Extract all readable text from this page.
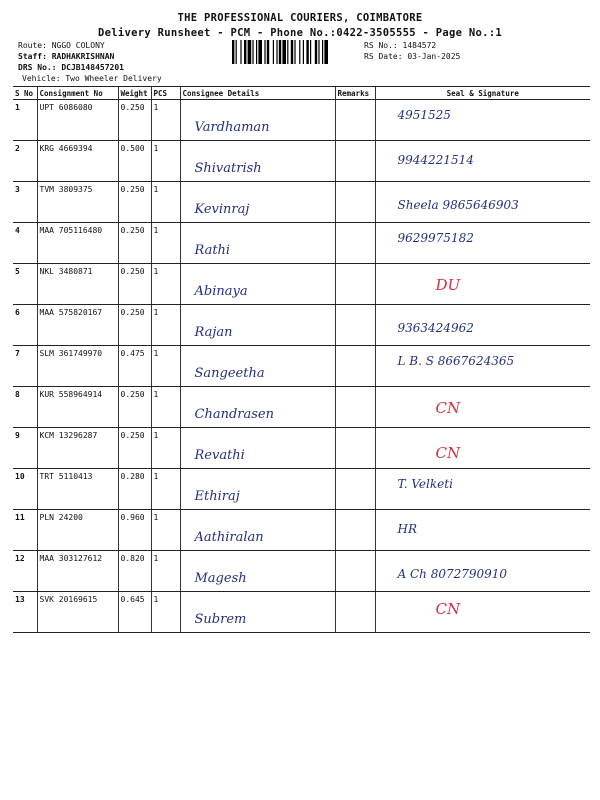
THE PROFESSIONAL COURIERS, COIMBATORE
Delivery Runsheet - PCM - Phone No.:0422-3505555 - Page No.:1
Route: NGGO COLONY
Staff: RADHAKRISHNAN
DRS No.: DCJB148457201
Vehicle: Two Wheeler Delivery
RS No.: 1484572
RS Date: 03-Jan-2025
S No	Consignment No	Weight	PCS	Consignee Details	Remarks	Seal & Signature
1	UPT 6086080	0.250	1	Vardhaman		4951525

2	KRG 4669394	0.500	1	Shivatrish		9944221514

3	TVM 3809375	0.250	1	Kevinraj		Sheela 9865646903

4	MAA 705116480	0.250	1	Rathi		9629975182

5	NKL 3480871	0.250	1	Abinaya		DU

6	MAA 575820167	0.250	1	Rajan		9363424962

7	SLM 361749970	0.475	1	Sangeetha		L B. S 8667624365

8	KUR 558964914	0.250	1	Chandrasen		CN

9	KCM 13296287	0.250	1	Revathi		CN

10	TRT 5110413	0.280	1	Ethiraj		T. Velketi

11	PLN 24200	0.960	1	Aathiralan		HR

12	MAA 303127612	0.820	1	Magesh		A Ch 8072790910

13	SVK 20169615	0.645	1	Subrem		CN
